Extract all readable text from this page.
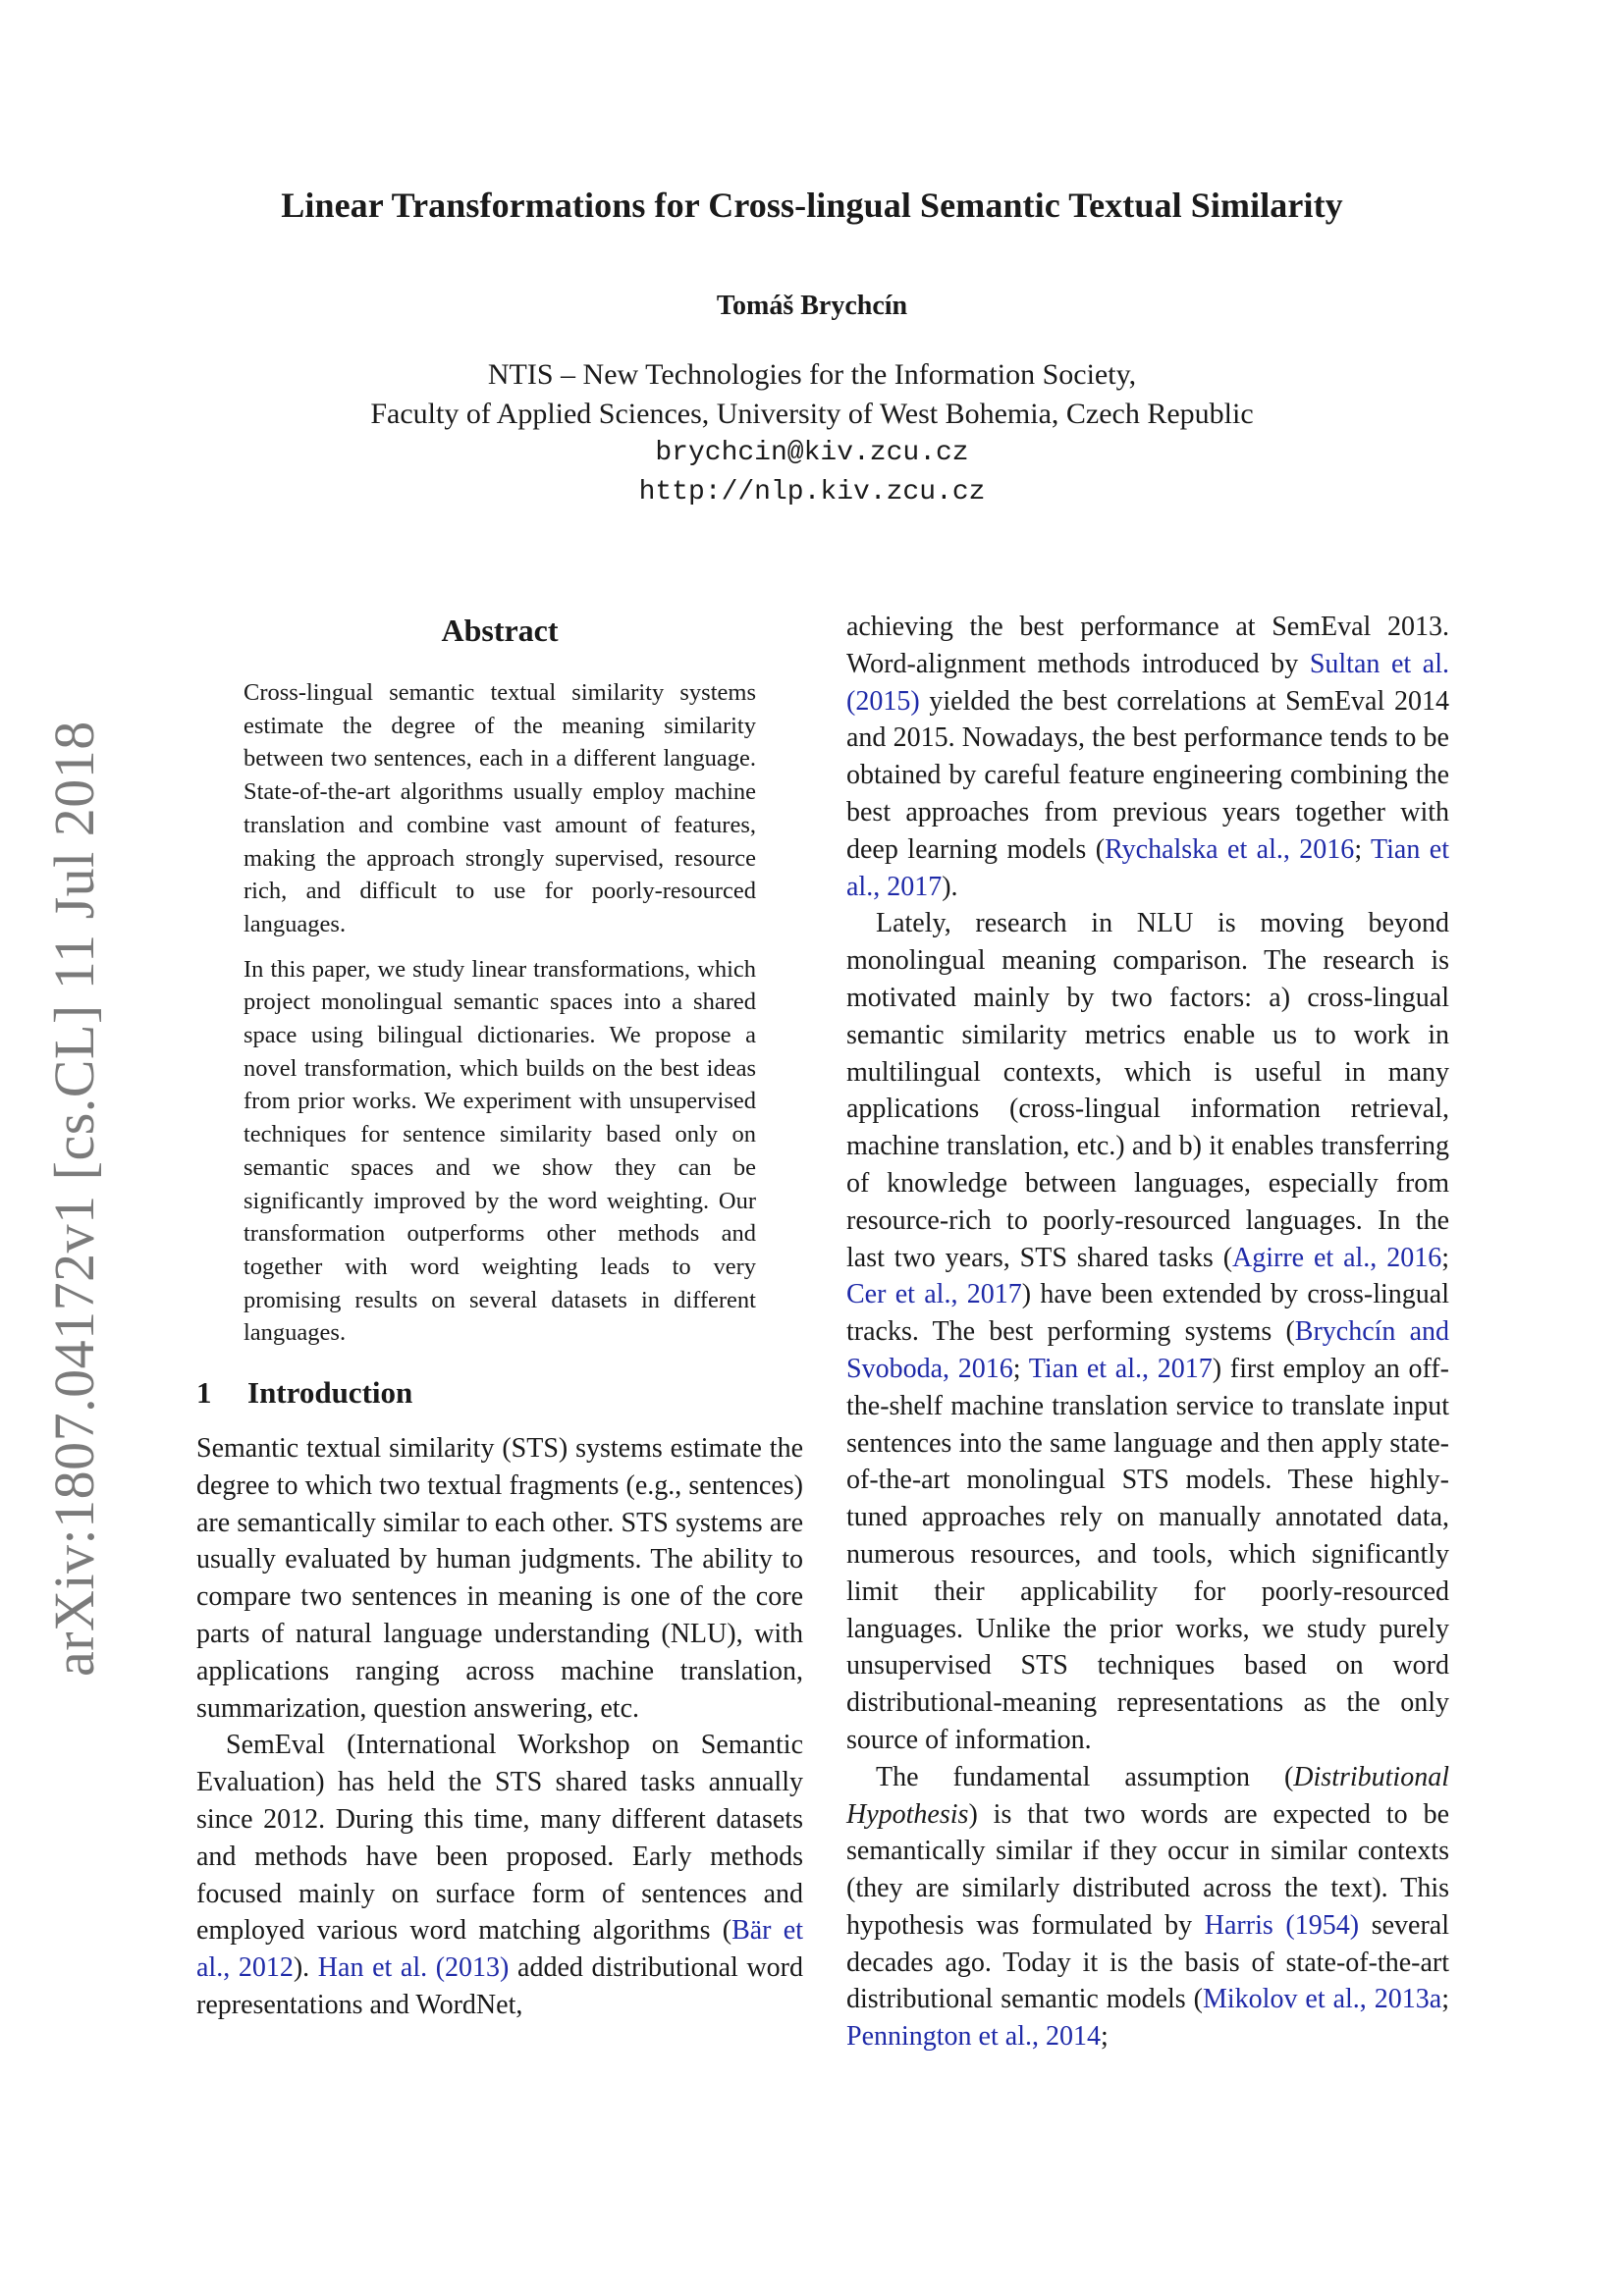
arXiv:1807.04172v1 [cs.CL] 11 Jul 2018
Linear Transformations for Cross-lingual Semantic Textual Similarity
Tomáš Brychcín
NTIS – New Technologies for the Information Society,
Faculty of Applied Sciences, University of West Bohemia, Czech Republic
brychcin@kiv.zcu.cz
http://nlp.kiv.zcu.cz
Abstract

Cross-lingual semantic textual similarity systems estimate the degree of the meaning similarity between two sentences, each in a different language. State-of-the-art algorithms usually employ machine translation and combine vast amount of features, making the approach strongly supervised, resource rich, and difficult to use for poorly-resourced languages.

In this paper, we study linear transformations, which project monolingual semantic spaces into a shared space using bilingual dictionaries. We propose a novel transformation, which builds on the best ideas from prior works. We experiment with unsupervised techniques for sentence similarity based only on semantic spaces and we show they can be significantly improved by the word weighting. Our transformation outperforms other methods and together with word weighting leads to very promising results on several datasets in different languages.

1 Introduction

Semantic textual similarity (STS) systems estimate the degree to which two textual fragments (e.g., sentences) are semantically similar to each other. STS systems are usually evaluated by human judgments. The ability to compare two sentences in meaning is one of the core parts of natural language understanding (NLU), with applications ranging across machine translation, summarization, question answering, etc.

SemEval (International Workshop on Semantic Evaluation) has held the STS shared tasks annually since 2012. During this time, many different datasets and methods have been proposed. Early methods focused mainly on surface form of sentences and employed various word matching algorithms (Bär et al., 2012). Han et al. (2013) added distributional word representations and WordNet,

achieving the best performance at SemEval 2013. Word-alignment methods introduced by Sultan et al. (2015) yielded the best correlations at SemEval 2014 and 2015. Nowadays, the best performance tends to be obtained by careful feature engineering combining the best approaches from previous years together with deep learning models (Rychalska et al., 2016; Tian et al., 2017).

Lately, research in NLU is moving beyond monolingual meaning comparison. The research is motivated mainly by two factors: a) cross-lingual semantic similarity metrics enable us to work in multilingual contexts, which is useful in many applications (cross-lingual information retrieval, machine translation, etc.) and b) it enables transferring of knowledge between languages, especially from resource-rich to poorly-resourced languages. In the last two years, STS shared tasks (Agirre et al., 2016; Cer et al., 2017) have been extended by cross-lingual tracks. The best performing systems (Brychcín and Svoboda, 2016; Tian et al., 2017) first employ an off-the-shelf machine translation service to translate input sentences into the same language and then apply state-of-the-art monolingual STS models. These highly-tuned approaches rely on manually annotated data, numerous resources, and tools, which significantly limit their applicability for poorly-resourced languages. Unlike the prior works, we study purely unsupervised STS techniques based on word distributional-meaning representations as the only source of information.

The fundamental assumption (Distributional Hypothesis) is that two words are expected to be semantically similar if they occur in similar contexts (they are similarly distributed across the text). This hypothesis was formulated by Harris (1954) several decades ago. Today it is the basis of state-of-the-art distributional semantic models (Mikolov et al., 2013a; Pennington et al., 2014;
